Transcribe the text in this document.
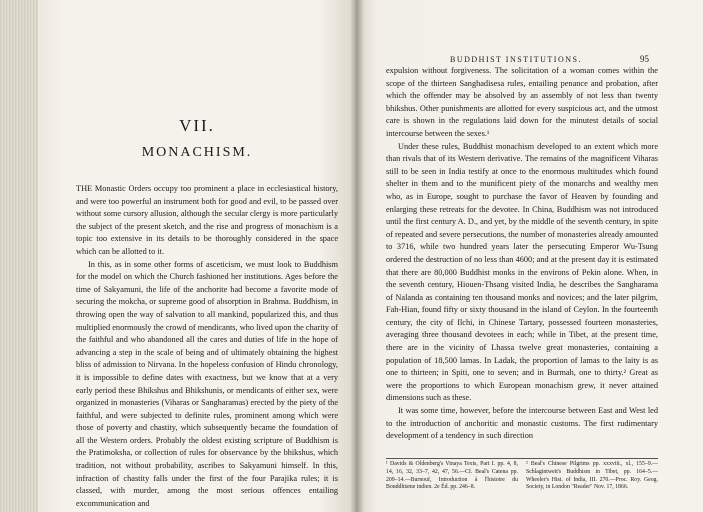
VII.
MONACHISM.

THE Monastic Orders occupy too prominent a place in ecclesiastical history, and were too powerful an instrument both for good and evil, to be passed over without some cursory allusion, although the secular clergy is more particularly the subject of the present sketch, and the rise and progress of monachism is a topic too extensive in its details to be thoroughly considered in the space which can be allotted to it.

In this, as in some other forms of asceticism, we must look to Buddhism for the model on which the Church fashioned her institutions. Ages before the time of Sakyamuni, the life of the anchorite had become a favorite mode of securing the mokcha, or supreme good of absorption in Brahma. Buddhism, in throwing open the way of salvation to all mankind, popularized this, and thus multiplied enormously the crowd of mendicants, who lived upon the charity of the faithful and who abandoned all the cares and duties of life in the hope of advancing a step in the scale of being and of ultimately obtaining the highest bliss of admission to Nirvana. In the hopeless confusion of Hindu chronology, it is impossible to define dates with exactness, but we know that at a very early period these Bhikshus and Bhikshunis, or mendicants of either sex, were organized in monasteries (Viharas or Sangharamas) erected by the piety of the faithful, and were subjected to definite rules, prominent among which were those of poverty and chastity, which subsequently became the foundation of all the Western orders. Probably the oldest existing scripture of Buddhism is the Pratimoksha, or collection of rules for observance by the bhikshus, which tradition, not without probability, ascribes to Sakyamuni himself. In this, infraction of chastity falls under the first of the four Parajika rules; it is classed, with murder, among the most serious offences entailing excommunication and

BUDDHIST INSTITUTIONS.	95

expulsion without forgiveness. The solicitation of a woman comes within the scope of the thirteen Sanghadisesa rules, entailing penance and probation, after which the offender may be absolved by an assembly of not less than twenty bhikshus. Other punishments are allotted for every suspicious act, and the utmost care is shown in the regulations laid down for the minutest details of social intercourse between the sexes.¹

Under these rules, Buddhist monachism developed to an extent which more than rivals that of its Western derivative. The remains of the magnificent Viharas still to be seen in India testify at once to the enormous multitudes which found shelter in them and to the munificent piety of the monarchs and wealthy men who, as in Europe, sought to purchase the favor of Heaven by founding and enlarging these retreats for the devotee. In China, Buddhism was not introduced until the first century A. D., and yet, by the middle of the seventh century, in spite of repeated and severe persecutions, the number of monasteries already amounted to 3716, while two hundred years later the persecuting Emperor Wu-Tsung ordered the destruction of no less than 4600; and at the present day it is estimated that there are 80,000 Buddhist monks in the environs of Pekin alone. When, in the seventh century, Hiouen-Thsang visited India, he describes the Sangharama of Nalanda as containing ten thousand monks and novices; and the later pilgrim, Fah-Hian, found fifty or sixty thousand in the island of Ceylon. In the fourteenth century, the city of Ilchi, in Chinese Tartary, possessed fourteen monasteries, averaging three thousand devotees in each; while in Tibet, at the present time, there are in the vicinity of Lhassa twelve great monasteries, containing a population of 18,500 lamas. In Ladak, the proportion of lamas to the laity is as one to thirteen; in Spiti, one to seven; and in Burmah, one to thirty.² Great as were the proportions to which European monachism grew, it never attained dimensions such as these.

It was some time, however, before the intercourse between East and West led to the introduction of anchoritic and monastic customs. The first rudimentary development of a tendency in such direction

¹ Davids & Oldenberg's Vinaya Texts, Part I. pp. 4, 8, 14, 16, 32, 33–7, 42, 47, 56.—Cf. Beal's Catena pp. 209–14.—Burnouf, Introduction à l'histoire du Bouddhisme indien. 2e Éd. pp. 246–8.
² Beal's Chinese Pilgrims pp. xxxviii., xl., 155–9.—Schlagintweit's Buddhism in Tibet, pp. 164–5.—Wheeler's Hist. of India, III. 270.—Proc. Roy. Geog. Society, in London "Reader" Nov. 17, 1866.
